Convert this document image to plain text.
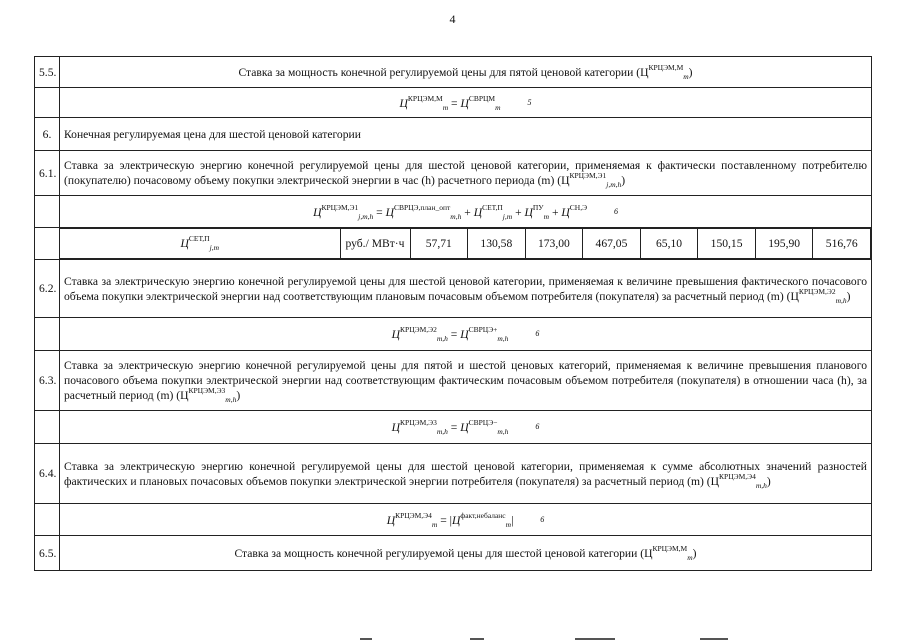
4
5.5.	Ставка за мощность конечной регулируемой цены для пятой ценовой категории $(Ц^{КРЦЭМ,М}_m)$
	$Ц^{КРЦЭМ,М}_m = Ц^{СВРЦМ}_m$ 5
6.	Конечная регулируемая цена для шестой ценовой категории
6.1.	Ставка за электрическую энергию конечной регулируемой цены для шестой ценовой категории, применяемая к фактически поставленному потребителю (покупателю) почасовому объему покупки электрической энергии в час (h) расчетного периода (m) $(Ц^{КРЦЭМ,Э1}_{j,m,h})$
	$Ц^{КРЦЭМ,Э1}_{j,m,h} = Ц^{СВРЦЭ,план\_опт}_{m,h} + Ц^{СЕТ,П}_{j,m} + Ц^{ПУ}_m + Ц^{СН,Э}$	6

$Ц^{СЕТ,П}_{j,m}$	руб./ МВт·ч	57,71	130,58	173,00	467,05	65,10	150,15	195,90	516,76

6.2.	Ставка за электрическую энергию конечной регулируемой цены для шестой ценовой категории, применяемая к величине превышения фактического почасового объема покупки электрической энергии над соответствующим плановым почасовым объемом потребителя (покупателя) за расчетный период (m) $(Ц^{КРЦЭМ,Э2}_{m,h})$
	$Ц^{КРЦЭМ,Э2}_{m,h} = Ц^{СВРЦЭ+}_{m,h}$ 6
6.3.	Ставка за электрическую энергию конечной регулируемой цены для пятой и шестой ценовых категорий, применяемая к величине превышения планового почасового объема покупки электрической энергии над соответствующим фактическим почасовым объемом потребителя (покупателя) в отношении часа (h), за расчетный период (m) $(Ц^{КРЦЭМ,Э3}_{m,h})$
	$Ц^{КРЦЭМ,Э3}_{m,h} = Ц^{СВРЦЭ-}_{m,h}$ 6
6.4.	Ставка за электрическую энергию конечной регулируемой цены для шестой ценовой категории, применяемая к сумме абсолютных значений разностей фактических и плановых почасовых объемов покупки электрической энергии потребителя (покупателя) за расчетный период (m) $(Ц^{КРЦЭМ,Э4}_{m,h})$
	$Ц^{КРЦЭМ,Э4}_m = |Ц^{факт,небаланс}_m|$	6
6.5.	Ставка за мощность конечной регулируемой цены для шестой ценовой категории $(Ц^{КРЦЭМ,М}_m)$
